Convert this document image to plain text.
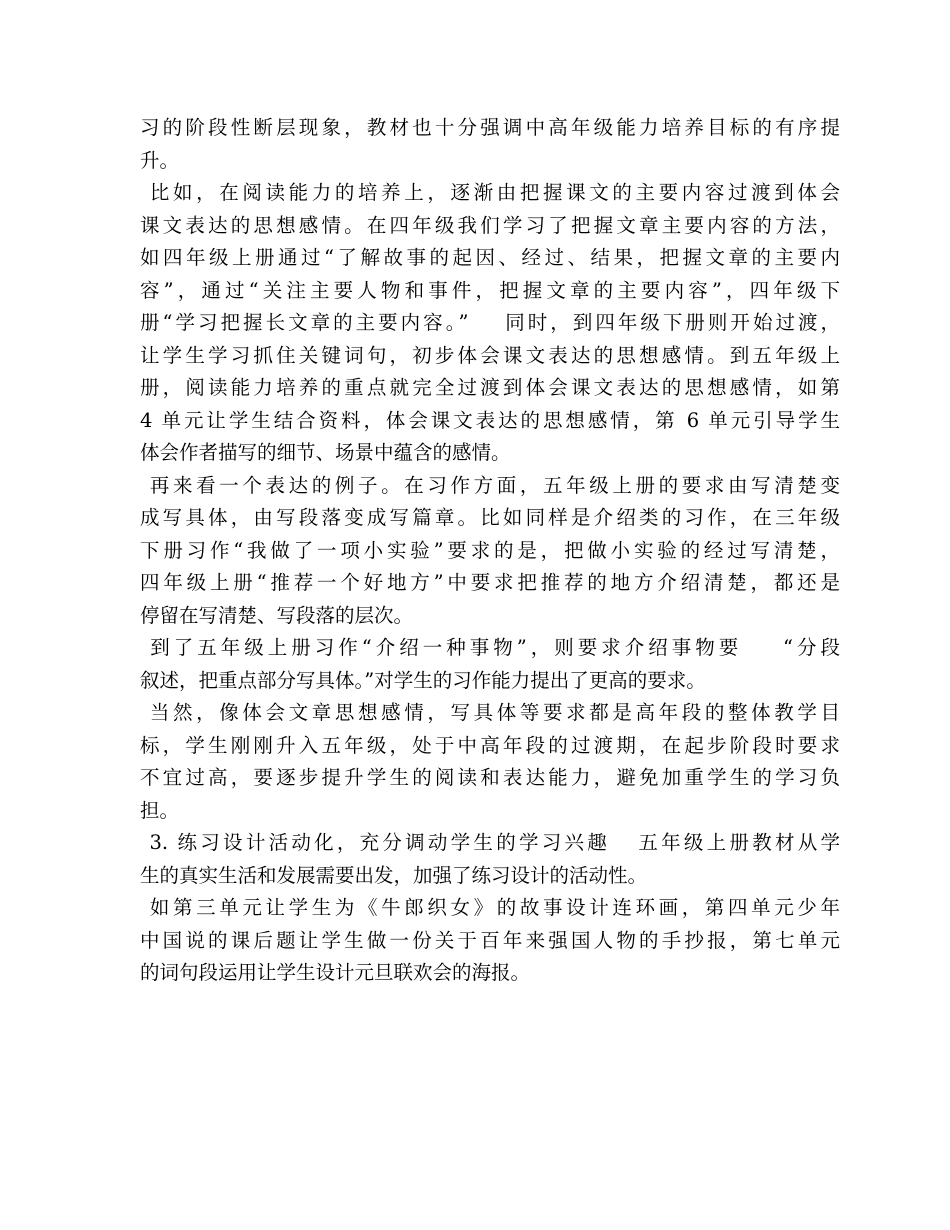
习的阶段性断层现象，教材也十分强调中高年级能力培养目标的有序提
升。
比如，在阅读能力的培养上，逐渐由把握课文的主要内容过渡到体会
课文表达的思想感情。在四年级我们学习了把握文章主要内容的方法，
如四年级上册通过“了解故事的起因、经过、结果，把握文章的主要内
容”，通过“关注主要人物和事件，把握文章的主要内容”，四年级下
册“学习把握长文章的主要内容。”    同时，到四年级下册则开始过渡，
让学生学习抓住关键词句，初步体会课文表达的思想感情。到五年级上
册，阅读能力培养的重点就完全过渡到体会课文表达的思想感情，如第
4 单元让学生结合资料，体会课文表达的思想感情，第 6 单元引导学生
体会作者描写的细节、场景中蕴含的感情。
再来看一个表达的例子。在习作方面，五年级上册的要求由写清楚变
成写具体，由写段落变成写篇章。比如同样是介绍类的习作，在三年级
下册习作“我做了一项小实验”要求的是，把做小实验的经过写清楚，
四年级上册“推荐一个好地方”中要求把推荐的地方介绍清楚，都还是
停留在写清楚、写段落的层次。
到了五年级上册习作“介绍一种事物”，则要求介绍事物要    “分段
叙述，把重点部分写具体。”对学生的习作能力提出了更高的要求。
当然，像体会文章思想感情，写具体等要求都是高年段的整体教学目
标，学生刚刚升入五年级，处于中高年段的过渡期，在起步阶段时要求
不宜过高，要逐步提升学生的阅读和表达能力，避免加重学生的学习负
担。
3. 练习设计活动化，充分调动学生的学习兴趣   五年级上册教材从学
生的真实生活和发展需要出发，加强了练习设计的活动性。
如第三单元让学生为《牛郎织女》的故事设计连环画，第四单元少年
中国说的课后题让学生做一份关于百年来强国人物的手抄报，第七单元
的词句段运用让学生设计元旦联欢会的海报。
